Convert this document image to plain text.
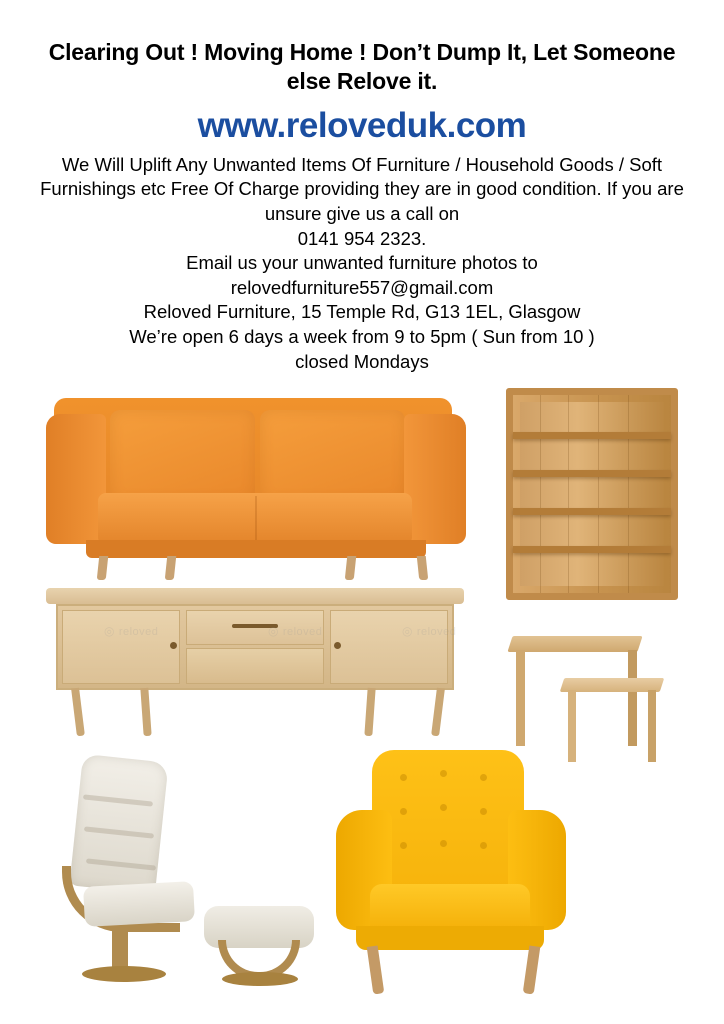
Clearing Out ! Moving Home ! Don’t Dump It, Let Someone else Relove it.
www.reloveduk.com

We Will Uplift Any Unwanted Items Of Furniture / Household Goods / Soft Furnishings etc Free Of Charge providing they are in good condition. If you are unsure give us a call on

0141 954 2323.

Email us your unwanted furniture photos to

relovedfurniture557@gmail.com

Reloved Furniture, 15 Temple Rd, G13 1EL, Glasgow

We’re open 6 days a week from 9 to 5pm ( Sun from 10 )

closed Mondays

◎ reloved	◎ reloved	◎ reloved
